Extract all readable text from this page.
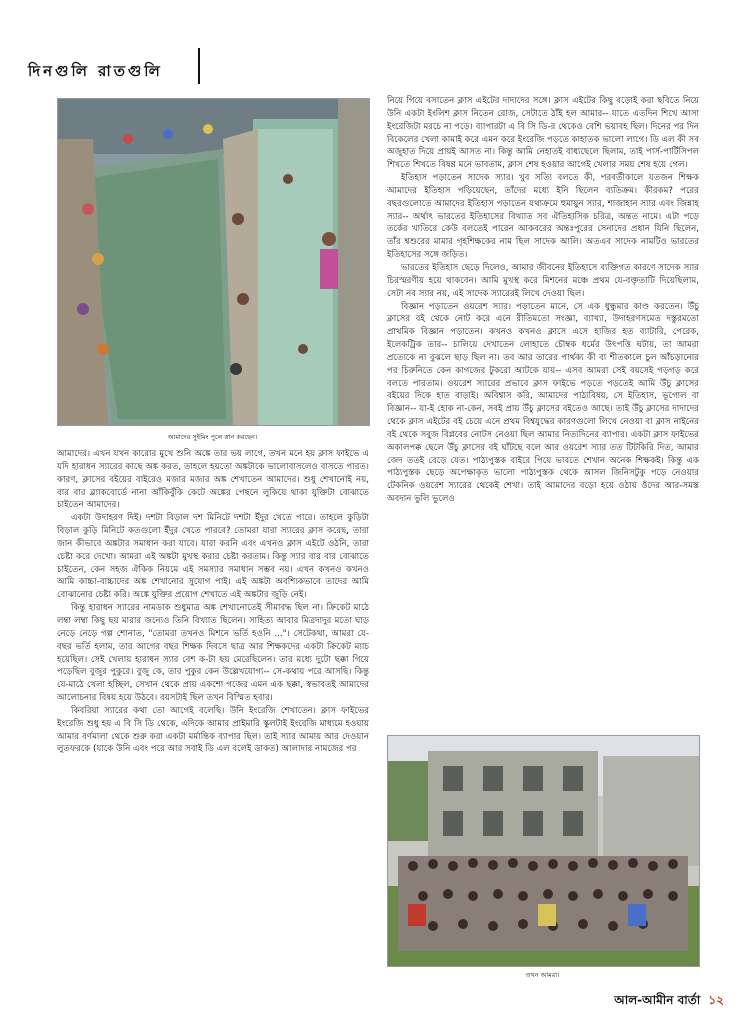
দিনগুলি রাতগুলি
আমাদের সুইমিং পুলে স্নান করছেন।
তখন আমরা।

আমাদের। এখন যখন কারোর মুখে শুনি অঙ্কে তার ভয় লাগে, তখন মনে হয় ক্লাস ফাইভে এ যদি হারাধন স্যারের কাছে অঙ্ক করত, তাহলে হয়তো অঙ্কটাকে ভালোবাসলেও বাসতে পারত। কারণ, ক্লাসের বইয়ের বাইরেও মজার মজার অঙ্ক শেখাতেন আমাদের। শুধু শেখানোই নয়, বার বার ব্ল্যাকবোর্ডে নানা আঁকিবুঁকি কেটে অঙ্কের পেছনে লুকিয়ে থাকা যুক্তিটা বোঝাতে চাইতেন আমাদের।

একটা উদাহরণ দিই। দশটা বিড়াল দশ মিনিটে দশটা ইঁদুর খেতে পারে। তাহলে কুড়িটা বিড়াল কুড়ি মিনিটে কতগুলো ইঁদুর খেতে পারবে? তোমরা যারা স্যারের ক্লাস করেছ, তারা জান কীভাবে অঙ্কটার সমাধান করা যাবে। যারা করনি এবং এখনও ক্লাস এইটে ওঠনি, তারা চেষ্টা করে দেখো। আমরা এই অঙ্কটা মুখস্থ করার চেষ্টা করতাম। কিন্তু স্যার বার বার বোঝাতে চাইতেন, কেন সহজ ঐকিক নিয়মে এই সমস্যার সমাধান সম্ভব নয়। এখন কখনও কখনও আমি কাচ্চা-বাচ্চাদের অঙ্ক শেখানোর সুযোগ পাই। এই অঙ্কটা অবশ্যিকভাবে তাদের আমি বোঝানোর চেষ্টা করি। অঙ্কে যুক্তির প্রয়োগ শেখাতে এই অঙ্কটার জুড়ি নেই।

কিন্তু হারাধন স্যারের নামডাক শুধুমাত্র অঙ্ক শেখানোতেই সীমাবদ্ধ ছিল না। ক্রিকেট মাঠে লম্বা লম্বা কিছু ছয় মারার জন্যেও তিনি বিখ্যাত ছিলেন। সাহিত্য আবার মিত্রদাদুর মতো ঘাড় নেড়ে নেড়ে গল্প শোনাত, "তোমরা তখনও মিশনে ভর্তি হওনি ..."। সেটেকথা, আমরা যে-বছর ভর্তি হলাম, তার আগের বছর শিক্ষক দিবসে ছাত্র আর শিক্ষকদের একটা ক্রিকেট ম্যাচ হয়েছিল। সেই খেলায় হারাধন স্যার বেশ ক-টা ছয় মেরেছিলেন। তার মধ্যে দুটো ছক্কা গিয়ে পড়েছিল বুজুর পুকুরে। বুজু কে, তার পুকুর কেন উল্লেখযোগ্য-- সে-কথায় পরে আসছি। কিন্তু যে-মাঠে খেলা হচ্ছিল, সেখান থেকে প্রায় একশো গজের এমন এক ছক্কা, স্বভাবতই আমাদের আলোচনার বিষয় হয়ে উঠবে। বয়সটাই ছিল তখন বিস্মিত হবার।

কিবরিয়া স্যারের কথা তো আগেই বলেছি। উনি ইংরেজি শেখাতেন। ক্লাস ফাইভের ইংরেজি শুধু হয় এ বি সি ডি থেকে, এদিকে আমার প্রাইমারি স্কুলটাই ইংরেজি মাধ্যমে হওয়ায় আমার বর্ণমালা থেকে শুরু করা একটা মর্মান্তিক ব্যাপার ছিল। তাই স্যার আমায় আর দেওয়ান লুতফরকে (যাকে উনি এবং পরে আর সবাই ডি এল বলেই ডাকত) আলাদার নামজের পর

নিয়ে গিয়ে বসাতেন ক্লাস এইটের দাদাদের সঙ্গে। ক্লাস এইটের কিছু বড়োই করা ছবিতে নিয়ে উনি একটা ইংলিশ ক্লাস নিতেন রোজ, সেটাতে ঠাঁই হল আমার-- যাতে এতদিন শিখে আসা ইংরেজিটা মরচে না পড়ে। ব্যাপারটা এ বি সি ডি-র থেকেও বেশি ভয়াবহ ছিল। দিনের পর দিন বিকেলের খেলা কামাই করে এমন করে ইংরেজি পড়তে কাহাতক ভালো লাগে। ডি এল কী সব অজুহাত দিয়ে প্রায়ই আসত না। কিন্তু আমি নেহাতই বাধ্যছেলে ছিলাম, তাই পার্স-পার্টিসিপল শিখতে শিখতে বিষণ্ণ মনে ভাবতাম, ক্লাস শেষ হওয়ার আগেই খেলার সময় শেষ হয়ে গেল।

ইতিহাস পড়াতেন সাদেক স্যার। খুব সত্যি বলতে কী, পরবর্তীকালে যতজন শিক্ষক আমাদের ইতিহাস পড়িয়েছেন, তাঁদের মধ্যে ইনি ছিলেন ব্যতিক্রম। কীরকম? পরের বছরগুলোতে আমাদের ইতিহাস পড়াতেন যথাক্রমে হুমায়ুন স্যার, শাজাহান স্যার এবং জিন্নাহ স্যার-- অর্থাৎ ভারতের ইতিহাসের বিখ্যাত সব ঐতিহাসিক চরিত্র, অন্তত নামে। এটা পড়ে তর্কের খাতিরে কেউ বলতেই পারেন আকবরের অন্তঃপুরের সেনাদের প্রধান যিনি ছিলেন, তাঁর শ্বশুরের মামার গৃহশিক্ষকের নাম ছিল সাদেক আলি। অতএব সাদেক নামটিও ভারতের ইতিহাসের সঙ্গে জড়িত।

ভারতের ইতিহাস ছেড়ে দিলেও, আমার জীবনের ইতিহাসে ব্যক্তিগত কারণে সাদেক স্যার চিরস্মরণীয় হয়ে থাকবেন। আমি মুখস্থ করে মিশনের মঞ্চে প্রথম যে-বক্তৃতাটি দিয়েছিলাম, সেটা নব স্যার নয়, এই সাদেক স্যারেরই লিখে দেওয়া ছিল।

বিজ্ঞান পড়াতেন ওয়রেশ স্যার। পড়াতেন মানে, সে এক ধুন্ধুমার কাণ্ড করতেন। উঁচু ক্লাসের বই থেকে নোট করে এনে রীতিমতো সংজ্ঞা, ব্যাখ্যা, উদাহরণসমেত দস্তুরমতো প্রাথমিক বিজ্ঞান পড়াতেন। কখনও কখনও ক্লাসে এসে হাজির হত ব্যাটারি, পেরেক, ইলেকট্রিক তার-- চালিয়ে দেখাতেন লোহাতে চৌম্বক ধর্মের উৎপত্তি ঘটায়, তা আমরা প্রত্যেকে না বুঝলে ছাড় ছিল না। তব আর তারের পার্থক্য কী বা শীতকালে চুল আঁচড়ানোর পর চিরুনিতে কেন কাগজের টুকরো আটকে যায়-- এসব আমরা সেই বয়সেই গড়গড় করে বলতে পারতাম। ওয়রেশ স্যারের প্রভাবে ক্লাস ফাইভে পড়তে পড়তেই আমি উঁচু ক্লাসের বইয়ের দিকে হাত বাড়াই। অবিশ্বাস করি, আমাদের পাঠ্যবিষয়, সে ইতিহাস, ভূগোল বা বিজ্ঞান-- যা-ই হোক না-কেন, সবই প্রায় উঁচু ক্লাসের বইতেও আছে। তাই উঁচু ক্লাসের দাদাদের থেকে ক্লাস এইটের বই চেয়ে এনে প্রথম বিশ্বযুদ্ধের কারণগুলো লিখে নেওয়া বা ক্লাস নাইনের বই থেকে সবুজ বিপ্লবের নোটস নেওয়া ছিল আমার নিত্যদিনের ব্যাপার। একটা ক্লাস ফাইভের অকালপক্ক ছেলে উঁচু ক্লাসের বই ঘাঁটছে বলে আর ওয়রেশ স্যার তত টিটকিরি দিত, আমার জেদ ততই বেড়ে যেত। পাঠ্যপুস্তক বাইরে পিয়ে ভাবতে শেখান অনেক শিক্ষকই। কিন্তু এক পাঠ্যপুস্তক ছেড়ে অপেক্ষাকৃত ভালো পাঠ্যপুস্তক থেকে আসল জিনিসটুকু পড়ে নেওয়ার টেকনিক ওয়রেশ স্যারের থেকেই শেখা। তাই আমাদের বড়ো হয়ে ওঠায় ওঁদের আর-সমস্ত অবদান ভুলি ভুলেও

আল-আমীন বার্তা ১২
